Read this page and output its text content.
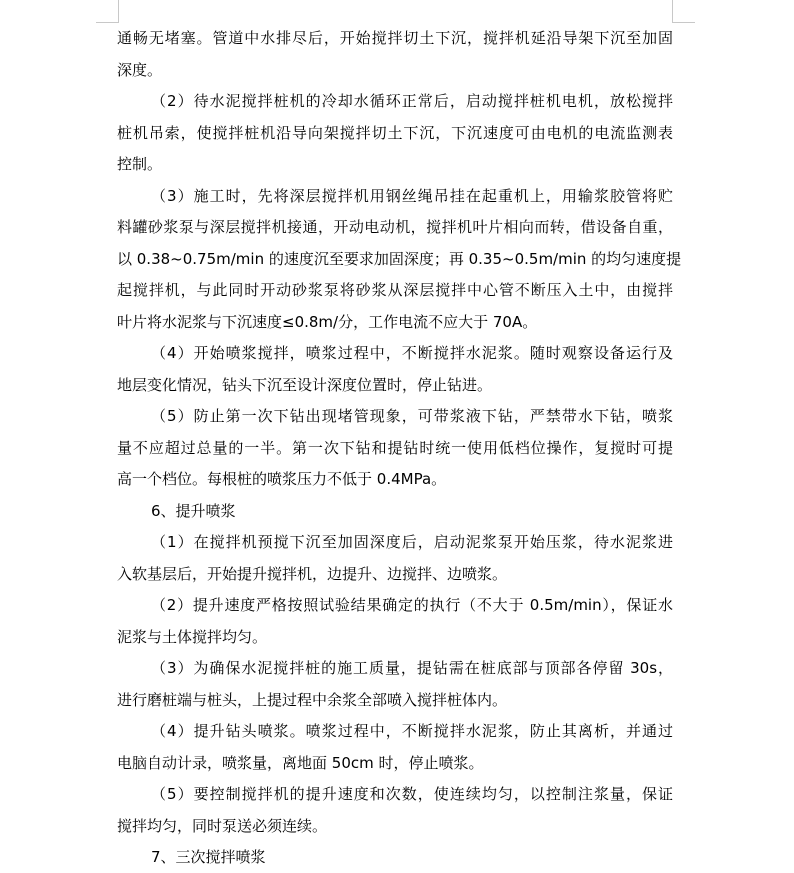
通畅无堵塞。管道中水排尽后，开始搅拌切土下沉，搅拌机延沿导架下沉至加固
深度。
（2）待水泥搅拌桩机的冷却水循环正常后，启动搅拌桩机电机，放松搅拌
桩机吊索，使搅拌桩机沿导向架搅拌切土下沉，下沉速度可由电机的电流监测表
控制。
（3）施工时，先将深层搅拌机用钢丝绳吊挂在起重机上，用输浆胶管将贮
料罐砂浆泵与深层搅拌机接通，开动电动机，搅拌机叶片相向而转，借设备自重，
以 0.38~0.75m/min 的速度沉至要求加固深度；再 0.35~0.5m/min 的均匀速度提
起搅拌机，与此同时开动砂浆泵将砂浆从深层搅拌中心管不断压入土中，由搅拌
叶片将水泥浆与下沉速度≤0.8m/分，工作电流不应大于 70A。
（4）开始喷浆搅拌，喷浆过程中，不断搅拌水泥浆。随时观察设备运行及
地层变化情况，钻头下沉至设计深度位置时，停止钻进。
（5）防止第一次下钻出现堵管现象，可带浆液下钻，严禁带水下钻，喷浆
量不应超过总量的一半。第一次下钻和提钻时统一使用低档位操作，复搅时可提
高一个档位。每根桩的喷浆压力不低于 0.4MPa。
6、提升喷浆
（1）在搅拌机预搅下沉至加固深度后，启动泥浆泵开始压浆，待水泥浆进
入软基层后，开始提升搅拌机，边提升、边搅拌、边喷浆。
（2）提升速度严格按照试验结果确定的执行（不大于 0.5m/min），保证水
泥浆与土体搅拌均匀。
（3）为确保水泥搅拌桩的施工质量，提钻需在桩底部与顶部各停留 30s，
进行磨桩端与桩头，上提过程中余浆全部喷入搅拌桩体内。
（4）提升钻头喷浆。喷浆过程中，不断搅拌水泥浆，防止其离析，并通过
电脑自动计录，喷浆量，离地面 50cm 时，停止喷浆。
（5）要控制搅拌机的提升速度和次数，使连续均匀，以控制注浆量，保证
搅拌均匀，同时泵送必须连续。
7、三次搅拌喷浆
